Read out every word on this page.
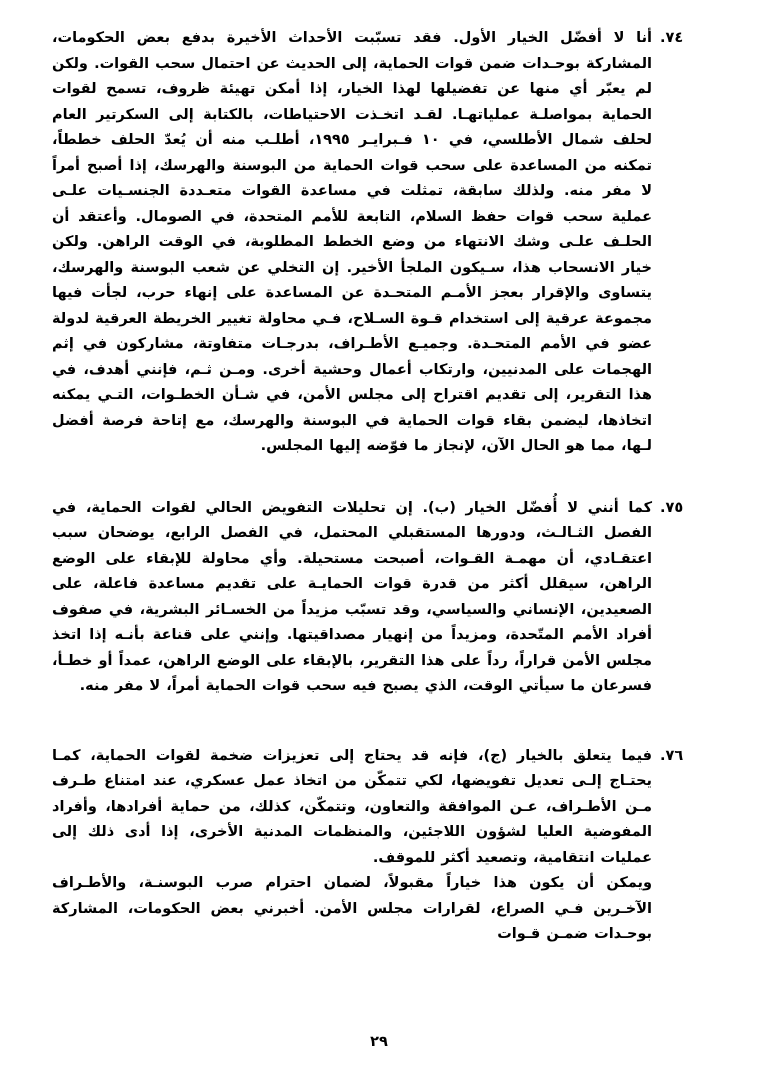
٧٤.
أنا لا أفضّل الخيار الأول. فقد تسبّبت الأحداث الأخيرة بدفع بعض الحكومات، المشاركة بوحـدات ضمن قوات الحماية، إلى الحديث عن احتمال سحب القوات. ولكن لم يعبّر أي منها عن تفضيلها لهذا الخيار، إذا أمكن تهيئة ظروف، تسمح لقوات الحماية بمواصلـة عملياتهـا. لقـد اتخـذت الاحتياطات، بالكتابة إلى السكرتير العام لحلف شمال الأطلسي، في ١٠ فـبرايـر ١٩٩٥، أطلـب منه أن يُعدّ الحلف خططاً، تمكنه من المساعدة على سحب قوات الحماية من البوسنة والهرسك، إذا أصبح أمراً لا مفر منه. ولذلك سابقة، تمثلت في مساعدة القوات متعـددة الجنسـيات علـى عملية سحب قوات حفظ السلام، التابعة للأمم المتحدة، في الصومال. وأعتقد أن الحلـف علـى وشك الانتهاء من وضع الخطط المطلوبة، في الوقت الراهن. ولكن خيار الانسحاب هذا، سـيكون الملجأ الأخير. إن التخلي عن شعب البوسنة والهرسك، يتساوى والإقرار بعجز الأمـم المتحـدة عن المساعدة على إنهاء حرب، لجأت فيها مجموعة عرقية إلى استخدام قـوة السـلاح، فـي محاولة تغيير الخريطة العرقية لدولة عضو في الأمم المتحـدة. وجميـع الأطـراف، بدرجـات متفاوتة، مشاركون في إثم الهجمات على المدنيين، وارتكاب أعمال وحشية أخرى. ومـن ثـم، فإنني أهدف، في هذا التقرير، إلى تقديم اقتراح إلى مجلس الأمن، في شـأن الخطـوات، التـي يمكنه اتخاذها، ليضمن بقاء قوات الحماية في البوسنة والهرسك، مع إتاحة فرصة أفضل لـها، مما هو الحال الآن، لإنجاز ما فوّضه إليها المجلس.
٧٥.
كما أنني لا أُفضّل الخيار (ب). إن تحليلات التفويض الحالي لقوات الحماية، في الفصل الثـالـث، ودورها المستقبلي المحتمل، في الفصل الرابع، يوضحان سبب اعتقـادي، أن مهمـة القـوات، أصبحت مستحيلة. وأي محاولة للإبقاء على الوضع الراهن، سيقلل أكثر من قدرة قوات الحمايـة على تقديم مساعدة فاعلة، على الصعيدين، الإنساني والسياسي، وقد تسبّب مزيداً من الخسـائر البشرية، في صفوف أفراد الأمم المتّحدة، ومزيداً من إنهيار مصداقيتها. وإنني على قناعة بأنـه إذا اتخذ مجلس الأمن قراراً، رداً على هذا التقرير، بالإبقاء على الوضع الراهن، عمداً أو خطـأ، فسرعان ما سيأتي الوقت، الذي يصبح فيه سحب قوات الحماية أمراً، لا مفر منه.
٧٦.
فيما يتعلق بالخيار (ج)، فإنه قد يحتاج إلى تعزيزات ضخمة لقوات الحماية، كمـا يحتـاج إلـى تعديل تفويضها، لكي تتمكّن من اتخاذ عمل عسكري، عند امتناع طـرف مـن الأطـراف، عـن الموافقة والتعاون، وتتمكّن، كذلك، من حماية أفرادها، وأفراد المفوضية العليا لشؤون اللاجئين، والمنظمات المدنية الأخرى، إذا أدى ذلك إلى عمليات انتقامية، وتصعيد أكثر للموقف.
ويمكن أن يكون هذا خياراً مقبولاً، لضمان احترام صرب البوسنـة، والأطـراف الآخـرين فـي الصراع، لقرارات مجلس الأمن. أخبرني بعض الحكومات، المشاركة بوحـدات ضمـن قـوات
٢٩
